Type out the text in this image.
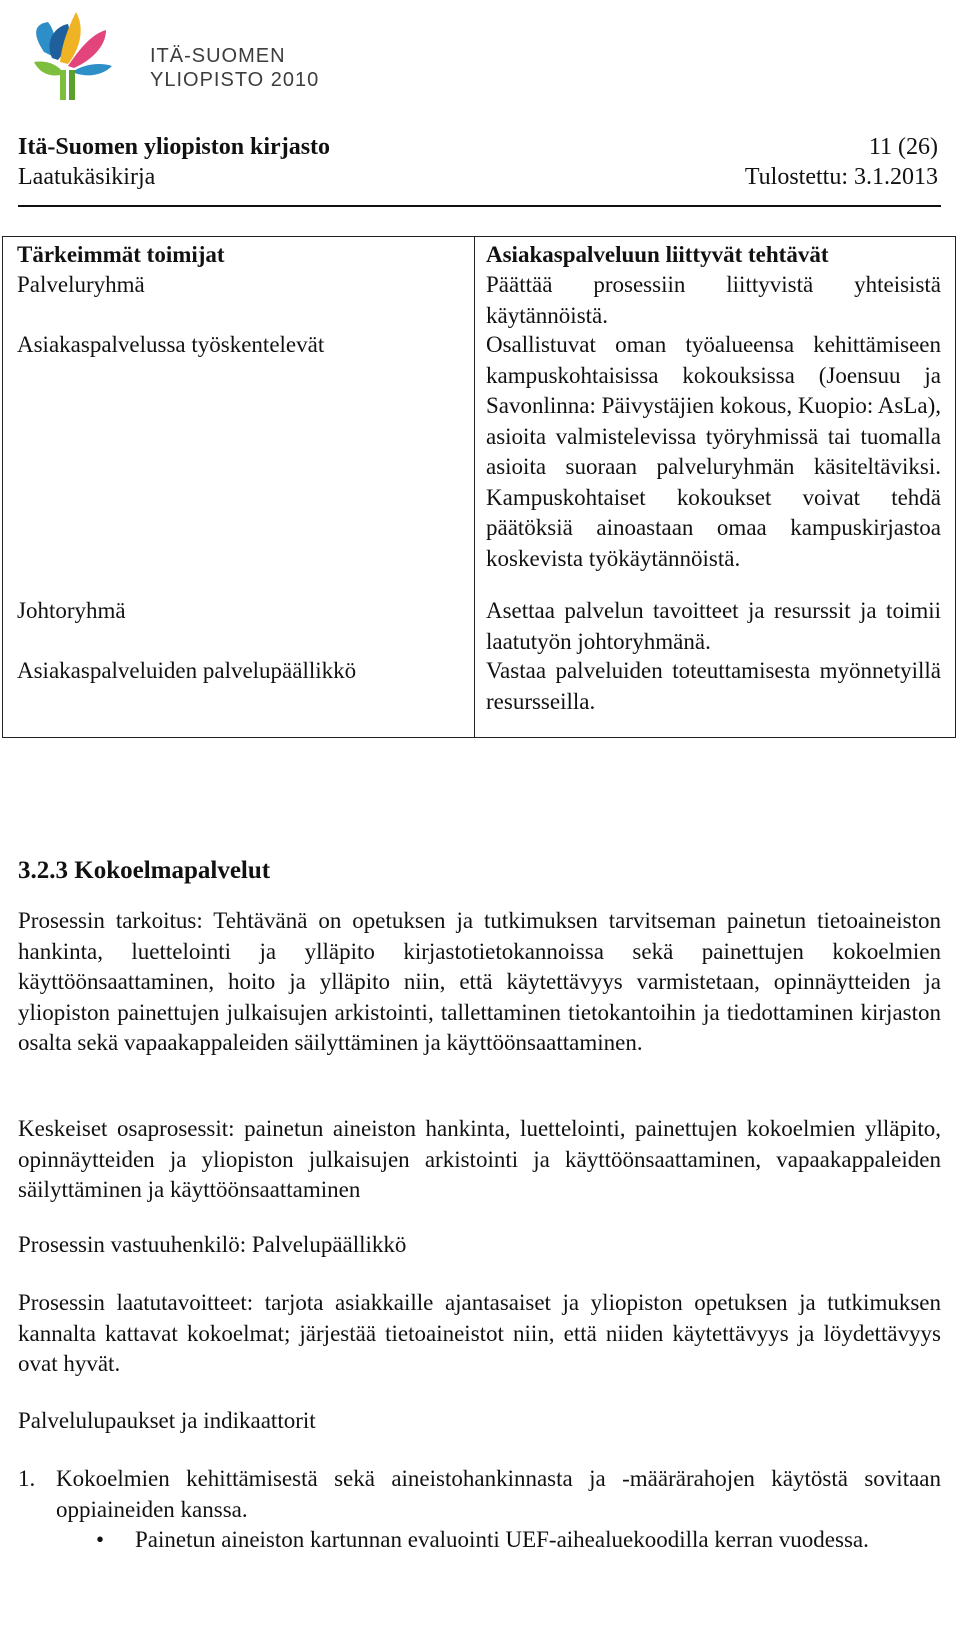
ITÄ-SUOMEN
YLIOPISTO 2010
Itä-Suomen yliopiston kirjasto	11 (26)
Laatukäsikirja	Tulostettu: 3.1.2013
Tärkeimmät toimijat	Asiakaspalveluun liittyvät tehtävät
Palveluryhmä	Päättää prosessiin liittyvistä yhteisistä käytännöistä.
Asiakaspalvelussa työskentelevät	Osallistuvat oman työalueensa kehittämiseen kampuskohtaisissa kokouksissa (Joensuu ja Savonlinna: Päivystäjien kokous, Kuopio: AsLa), asioita valmistelevissa työryhmissä tai tuomalla asioita suoraan palveluryhmän käsiteltäviksi. Kampuskohtaiset kokoukset voivat tehdä päätöksiä ainoastaan omaa kampuskirjastoa koskevista työkäytännöistä.
Johtoryhmä	Asettaa palvelun tavoitteet ja resurssit ja toimii laatutyön johtoryhmänä.
Asiakaspalveluiden palvelupäällikkö	Vastaa palveluiden toteuttamisesta myönnetyillä resursseilla.
3.2.3 Kokoelmapalvelut
Prosessin tarkoitus: Tehtävänä on opetuksen ja tutkimuksen tarvitseman painetun tietoaineiston hankinta, luettelointi ja ylläpito kirjastotietokannoissa sekä painettujen kokoelmien käyttöönsaattaminen, hoito ja ylläpito niin, että käytettävyys varmistetaan, opinnäytteiden ja yliopiston painettujen julkaisujen arkistointi, tallettaminen tietokantoihin ja tiedottaminen kirjaston osalta sekä vapaakappaleiden säilyttäminen ja käyttöönsaattaminen.
Keskeiset osaprosessit: painetun aineiston hankinta, luettelointi, painettujen kokoelmien ylläpito, opinnäytteiden ja yliopiston julkaisujen arkistointi ja käyttöönsaattaminen, vapaakappaleiden säilyttäminen ja käyttöönsaattaminen
Prosessin vastuuhenkilö: Palvelupäällikkö
Prosessin laatutavoitteet: tarjota asiakkaille ajantasaiset ja yliopiston opetuksen ja tutkimuksen kannalta kattavat kokoelmat; järjestää tietoaineistot niin, että niiden käytettävyys ja löydettävyys ovat hyvät.
Palvelulupaukset ja indikaattorit
1. Kokoelmien kehittämisestä sekä aineistohankinnasta ja -määrärahojen käytöstä sovitaan oppiaineiden kanssa.
• Painetun aineiston kartunnan evaluointi UEF-aihealuekoodilla kerran vuodessa.
